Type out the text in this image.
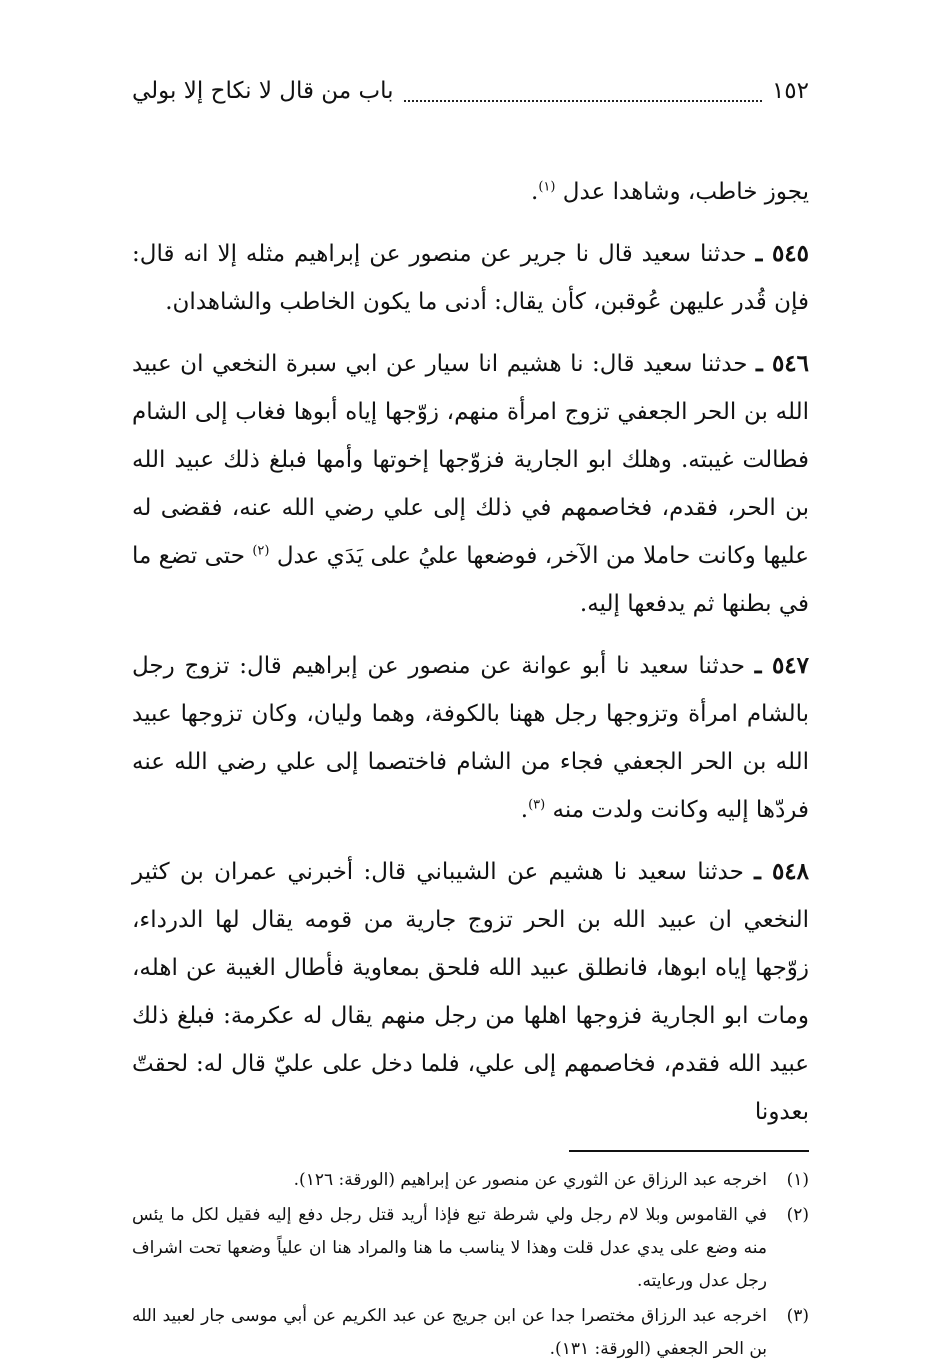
١٥٢
باب من قال لا نكاح إلا بولي

يجوز خاطب، وشاهدا عدل $^{(١)}$.

٥٤٥ ـ حدثنا سعيد قال نا جرير عن منصور عن إبراهيم مثله إلا انه قال: فإن قُدر عليهن عُوقبن، كأن يقال: أدنى ما يكون الخاطب والشاهدان.

٥٤٦ ـ حدثنا سعيد قال: نا هشيم انا سيار عن ابي سبرة النخعي ان عبيد الله بن الحر الجعفي تزوج امرأة منهم، زوّجها إياه أبوها فغاب إلى الشام فطالت غيبته. وهلك ابو الجارية فزوّجها إخوتها وأمها فبلغ ذلك عبيد الله بن الحر، فقدم، فخاصمهم في ذلك إلى علي رضي الله عنه، فقضى له عليها وكانت حاملا من الآخر، فوضعها عليُ على يَدَي عدل $^{(٢)}$ حتى تضع ما في بطنها ثم يدفعها إليه.

٥٤٧ ـ حدثنا سعيد نا أبو عوانة عن منصور عن إبراهيم قال: تزوج رجل بالشام امرأة وتزوجها رجل ههنا بالكوفة، وهما وليان، وكان تزوجها عبيد الله بن الحر الجعفي فجاء من الشام فاختصما إلى علي رضي الله عنه فردّها إليه وكانت ولدت منه $^{(٣)}$.

٥٤٨ ـ حدثنا سعيد نا هشيم عن الشيباني قال: أخبرني عمران بن كثير النخعي ان عبيد الله بن الحر تزوج جارية من قومه يقال لها الدرداء، زوّجها إياه ابوها، فانطلق عبيد الله فلحق بمعاوية فأطال الغيبة عن اهله، ومات ابو الجارية فزوجها اهلها من رجل منهم يقال له عكرمة: فبلغ ذلك عبيد الله فقدم، فخاصمهم إلى علي، فلما دخل على عليّ قال له: لحقتّ بعدونا

(١)
اخرجه عبد الرزاق عن الثوري عن منصور عن إبراهيم (الورقة: ١٢٦).
(٢)
في القاموس وبلا لام رجل ولي شرطة تبع فإذا أريد قتل رجل دفع إليه فقيل لكل ما يئس منه وضع على يدي عدل قلت وهذا لا يناسب ما هنا والمراد هنا ان علياً وضعها تحت اشراف رجل عدل ورعايته.
(٣)
اخرجه عبد الرزاق مختصرا جدا عن ابن جريج عن عبد الكريم عن أبي موسى جار لعبيد الله بن الحر الجعفي (الورقة: ١٣١).
